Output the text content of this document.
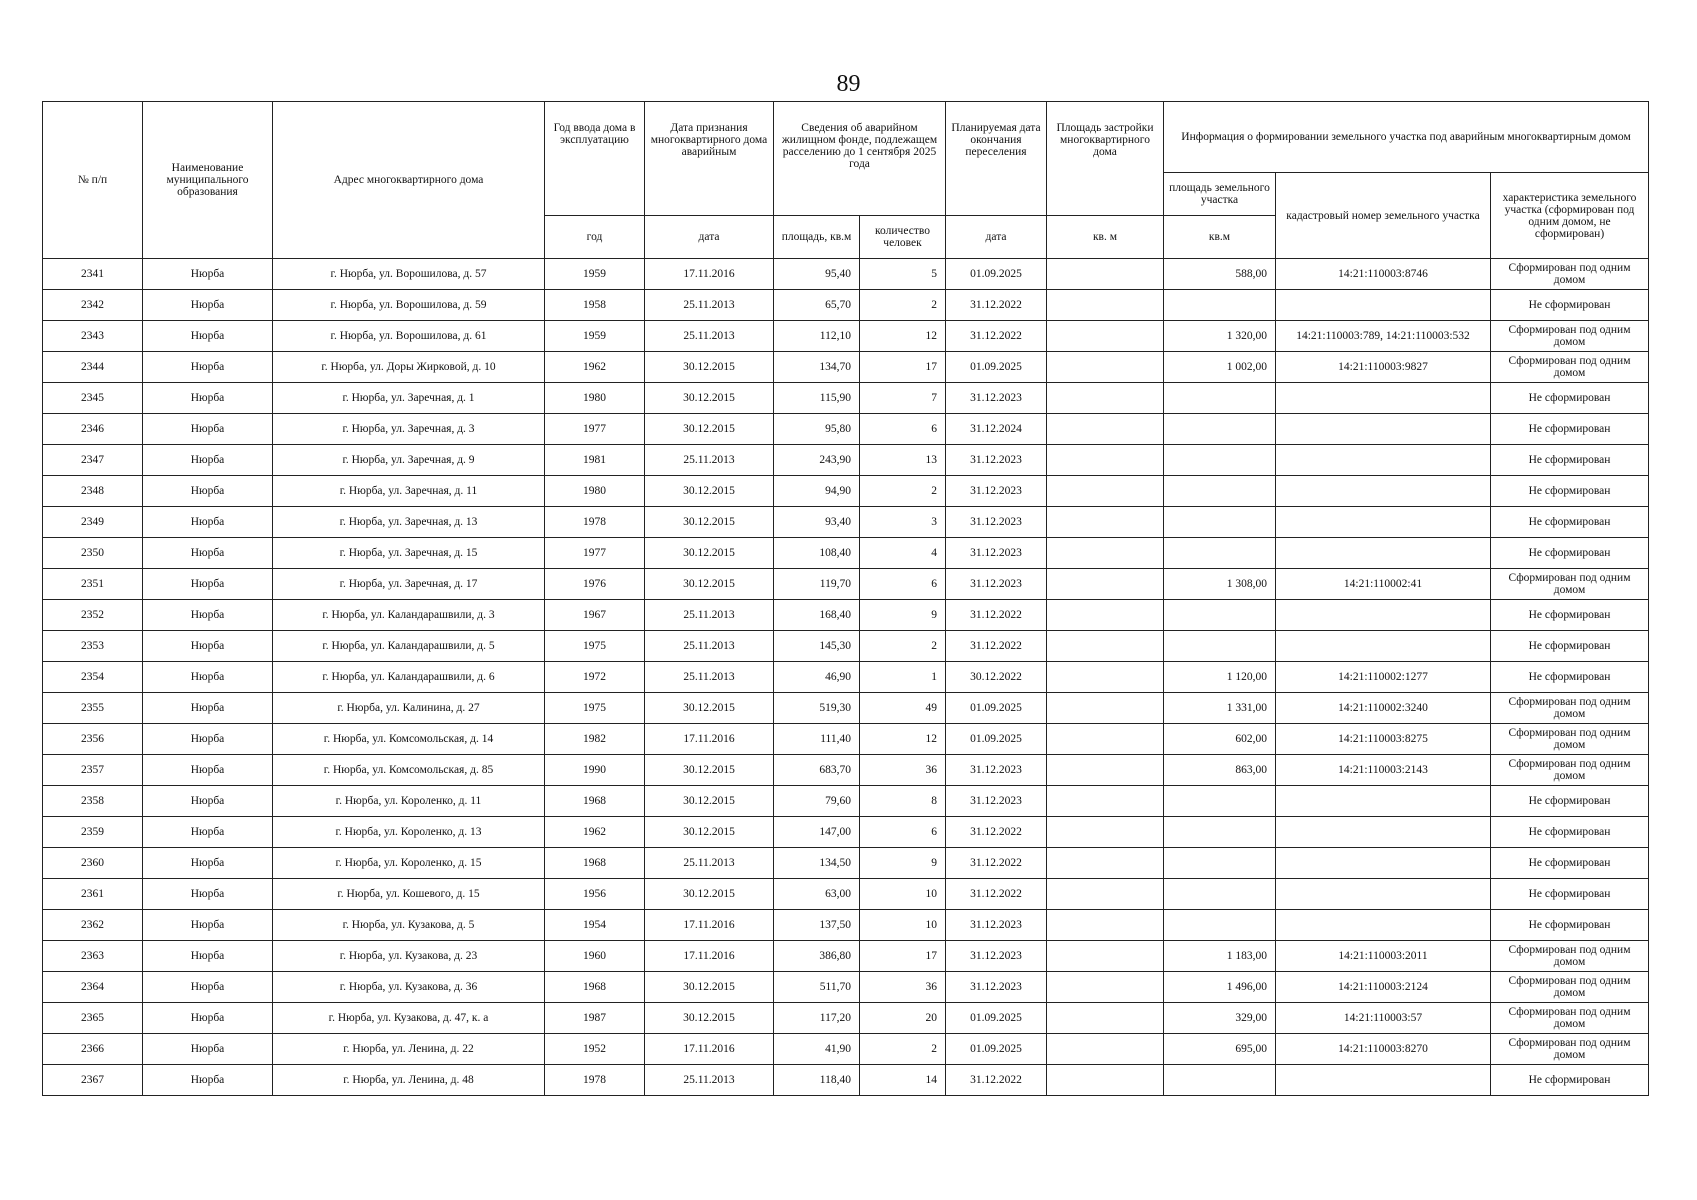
89
№ п/п	Наименование муниципального образования	Адрес многоквартирного дома	Год ввода дома в эксплуатацию	Дата признания многоквартирного дома аварийным	Сведения об аварийном жилищном фонде, подлежащем расселению до 1 сентября 2025 года		Планируемая дата окончания переселения	Площадь застройки многоквартирного дома	Информация о формировании земельного участка под аварийным многоквартирным домом		
									площадь земельного участка	кадастровый номер земельного участка	характеристика земельного участка (сформирован под одним домом, не сформирован)
			год	дата	площадь, кв.м	количество человек	дата	кв. м	кв.м		
2341	Нюрба	г. Нюрба, ул. Ворошилова, д. 57	1959	17.11.2016	95,40	5	01.09.2025		588,00	14:21:110003:8746	Сформирован под одним домом
2342	Нюрба	г. Нюрба, ул. Ворошилова, д. 59	1958	25.11.2013	65,70	2	31.12.2022				Не сформирован
2343	Нюрба	г. Нюрба, ул. Ворошилова, д. 61	1959	25.11.2013	112,10	12	31.12.2022		1 320,00	14:21:110003:789, 14:21:110003:532	Сформирован под одним домом
2344	Нюрба	г. Нюрба, ул. Доры Жирковой, д. 10	1962	30.12.2015	134,70	17	01.09.2025		1 002,00	14:21:110003:9827	Сформирован под одним домом
2345	Нюрба	г. Нюрба, ул. Заречная, д. 1	1980	30.12.2015	115,90	7	31.12.2023				Не сформирован
2346	Нюрба	г. Нюрба, ул. Заречная, д. 3	1977	30.12.2015	95,80	6	31.12.2024				Не сформирован
2347	Нюрба	г. Нюрба, ул. Заречная, д. 9	1981	25.11.2013	243,90	13	31.12.2023				Не сформирован
2348	Нюрба	г. Нюрба, ул. Заречная, д. 11	1980	30.12.2015	94,90	2	31.12.2023				Не сформирован
2349	Нюрба	г. Нюрба, ул. Заречная, д. 13	1978	30.12.2015	93,40	3	31.12.2023				Не сформирован
2350	Нюрба	г. Нюрба, ул. Заречная, д. 15	1977	30.12.2015	108,40	4	31.12.2023				Не сформирован
2351	Нюрба	г. Нюрба, ул. Заречная, д. 17	1976	30.12.2015	119,70	6	31.12.2023		1 308,00	14:21:110002:41	Сформирован под одним домом
2352	Нюрба	г. Нюрба, ул. Каландарашвили, д. 3	1967	25.11.2013	168,40	9	31.12.2022				Не сформирован
2353	Нюрба	г. Нюрба, ул. Каландарашвили, д. 5	1975	25.11.2013	145,30	2	31.12.2022				Не сформирован
2354	Нюрба	г. Нюрба, ул. Каландарашвили, д. 6	1972	25.11.2013	46,90	1	30.12.2022		1 120,00	14:21:110002:1277	Не сформирован
2355	Нюрба	г. Нюрба, ул. Калинина, д. 27	1975	30.12.2015	519,30	49	01.09.2025		1 331,00	14:21:110002:3240	Сформирован под одним домом
2356	Нюрба	г. Нюрба, ул. Комсомольская, д. 14	1982	17.11.2016	111,40	12	01.09.2025		602,00	14:21:110003:8275	Сформирован под одним домом
2357	Нюрба	г. Нюрба, ул. Комсомольская, д. 85	1990	30.12.2015	683,70	36	31.12.2023		863,00	14:21:110003:2143	Сформирован под одним домом
2358	Нюрба	г. Нюрба, ул. Короленко, д. 11	1968	30.12.2015	79,60	8	31.12.2023				Не сформирован
2359	Нюрба	г. Нюрба, ул. Короленко, д. 13	1962	30.12.2015	147,00	6	31.12.2022				Не сформирован
2360	Нюрба	г. Нюрба, ул. Короленко, д. 15	1968	25.11.2013	134,50	9	31.12.2022				Не сформирован
2361	Нюрба	г. Нюрба, ул. Кошевого, д. 15	1956	30.12.2015	63,00	10	31.12.2022				Не сформирован
2362	Нюрба	г. Нюрба, ул. Кузакова, д. 5	1954	17.11.2016	137,50	10	31.12.2023				Не сформирован
2363	Нюрба	г. Нюрба, ул. Кузакова, д. 23	1960	17.11.2016	386,80	17	31.12.2023		1 183,00	14:21:110003:2011	Сформирован под одним домом
2364	Нюрба	г. Нюрба, ул. Кузакова, д. 36	1968	30.12.2015	511,70	36	31.12.2023		1 496,00	14:21:110003:2124	Сформирован под одним домом
2365	Нюрба	г. Нюрба, ул. Кузакова, д. 47, к. а	1987	30.12.2015	117,20	20	01.09.2025		329,00	14:21:110003:57	Сформирован под одним домом
2366	Нюрба	г. Нюрба, ул. Ленина, д. 22	1952	17.11.2016	41,90	2	01.09.2025		695,00	14:21:110003:8270	Сформирован под одним домом
2367	Нюрба	г. Нюрба, ул. Ленина, д. 48	1978	25.11.2013	118,40	14	31.12.2022				Не сформирован
